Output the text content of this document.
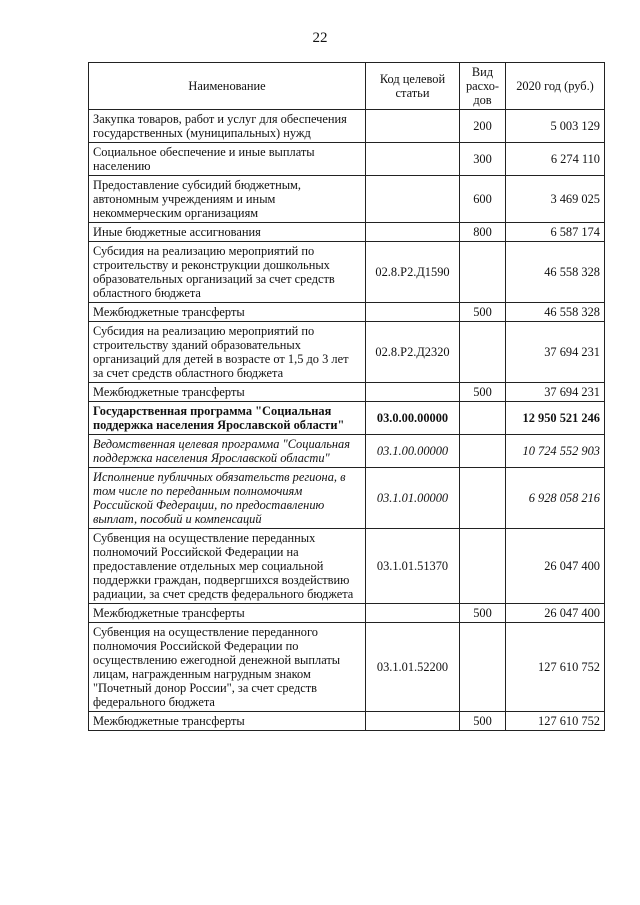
22
Наименование	Код целевой статьи	Вид расхо-дов	2020 год (руб.)
Закупка товаров, работ и услуг для обеспечения государственных (муниципальных) нужд		200	5 003 129
Социальное обеспечение и иные выплаты населению		300	6 274 110
Предоставление субсидий бюджетным, автономным учреждениям и иным некоммерческим организациям		600	3 469 025
Иные бюджетные ассигнования		800	6 587 174
Субсидия на реализацию мероприятий по строительству и реконструкции дошкольных образовательных организаций за счет средств областного бюджета	02.8.Р2.Д1590		46 558 328
Межбюджетные трансферты		500	46 558 328
Субсидия на реализацию мероприятий по строительству зданий образовательных организаций для детей в возрасте от 1,5 до 3 лет за счет средств областного бюджета	02.8.Р2.Д2320		37 694 231
Межбюджетные трансферты		500	37 694 231
Государственная программа "Социальная поддержка населения Ярославской области"	03.0.00.00000		12 950 521 246
Ведомственная целевая программа "Социальная поддержка населения Ярославской области"	03.1.00.00000		10 724 552 903
Исполнение публичных обязательств региона, в том числе по переданным полномочиям Российской Федерации, по предоставлению выплат, пособий и компенсаций	03.1.01.00000		6 928 058 216
Субвенция на осуществление переданных полномочий Российской Федерации на предоставление отдельных мер социальной поддержки граждан, подвергшихся воздействию радиации, за счет средств федерального бюджета	03.1.01.51370		26 047 400
Межбюджетные трансферты		500	26 047 400
Субвенция на осуществление переданного полномочия Российской Федерации по осуществлению ежегодной денежной выплаты лицам, награжденным нагрудным знаком "Почетный донор России", за счет средств федерального бюджета	03.1.01.52200		127 610 752
Межбюджетные трансферты		500	127 610 752
